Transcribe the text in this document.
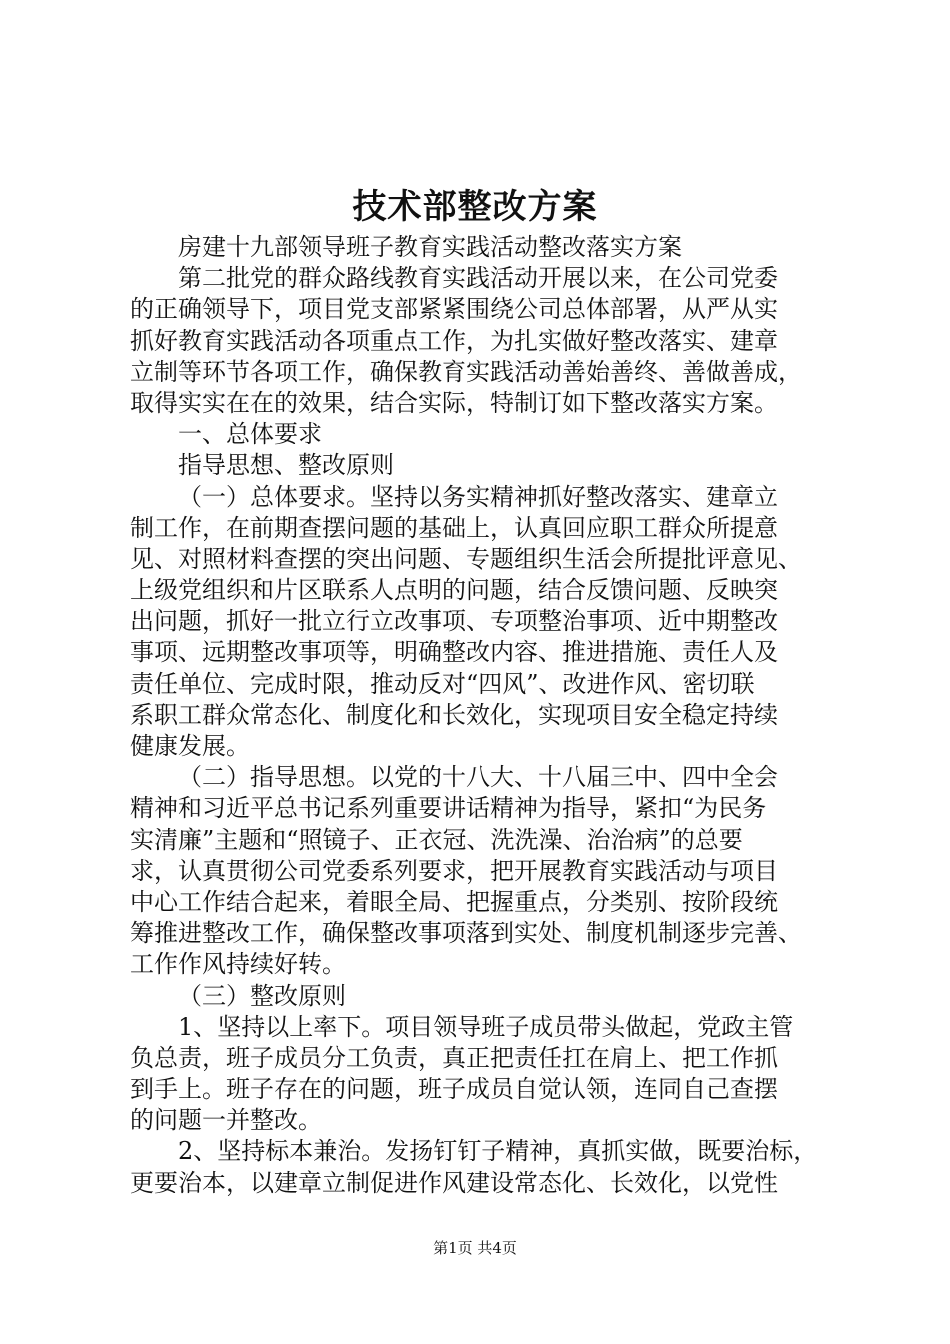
技术部整改方案
房建十九部领导班子教育实践活动整改落实方案
第二批党的群众路线教育实践活动开展以来，在公司党委
的正确领导下，项目党支部紧紧围绕公司总体部署，从严从实
抓好教育实践活动各项重点工作，为扎实做好整改落实、建章
立制等环节各项工作，确保教育实践活动善始善终、善做善成，
取得实实在在的效果，结合实际，特制订如下整改落实方案。
一、总体要求
指导思想、整改原则
（一）总体要求。坚持以务实精神抓好整改落实、建章立
制工作，在前期查摆问题的基础上，认真回应职工群众所提意
见、对照材料查摆的突出问题、专题组织生活会所提批评意见、
上级党组织和片区联系人点明的问题，结合反馈问题、反映突
出问题，抓好一批立行立改事项、专项整治事项、近中期整改
事项、远期整改事项等，明确整改内容、推进措施、责任人及
责任单位、完成时限，推动反对“四风”、改进作风、密切联
系职工群众常态化、制度化和长效化，实现项目安全稳定持续
健康发展。
（二）指导思想。以党的十八大、十八届三中、四中全会
精神和习近平总书记系列重要讲话精神为指导，紧扣“为民务
实清廉”主题和“照镜子、正衣冠、洗洗澡、治治病”的总要
求，认真贯彻公司党委系列要求，把开展教育实践活动与项目
中心工作结合起来，着眼全局、把握重点，分类别、按阶段统
筹推进整改工作，确保整改事项落到实处、制度机制逐步完善、
工作作风持续好转。
（三）整改原则
1、坚持以上率下。项目领导班子成员带头做起，党政主管
负总责，班子成员分工负责，真正把责任扛在肩上、把工作抓
到手上。班子存在的问题，班子成员自觉认领，连同自己查摆
的问题一并整改。
2、坚持标本兼治。发扬钉钉子精神，真抓实做，既要治标，
更要治本，以建章立制促进作风建设常态化、长效化，以党性
第1页 共4页
